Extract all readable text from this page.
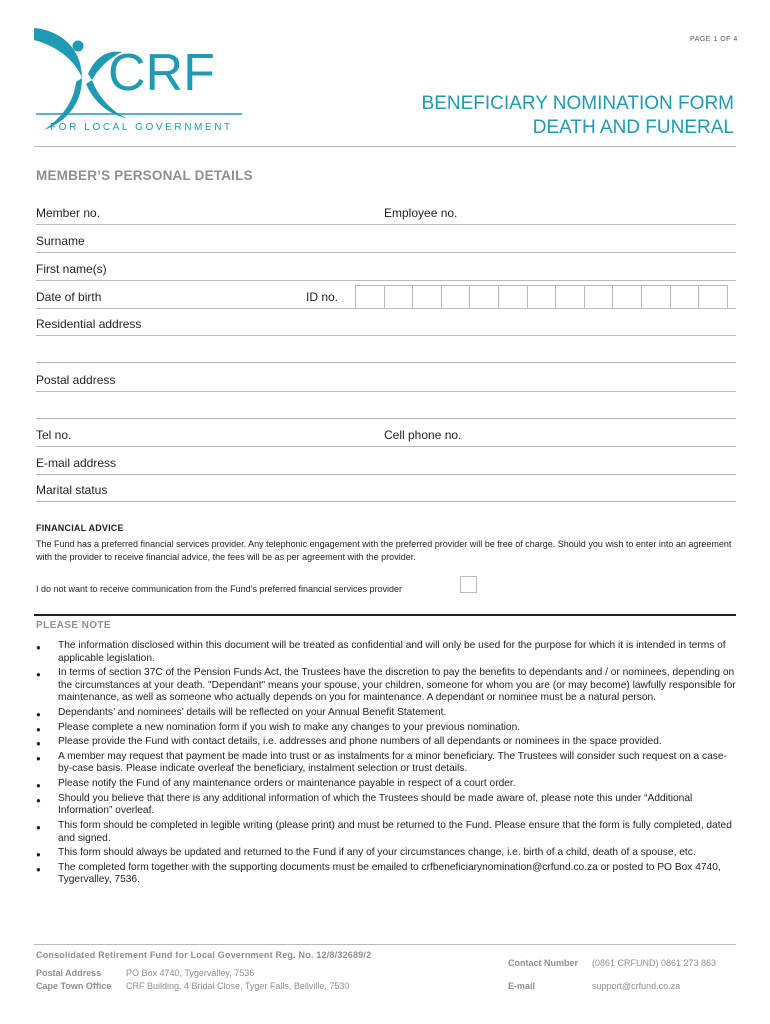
PAGE 1 OF 4
CRF
FOR LOCAL GOVERNMENT
BENEFICIARY NOMINATION FORM
DEATH AND FUNERAL
MEMBER’S PERSONAL DETAILS
Member no.	Employee no.
Surname
First name(s)
Date of birth	ID no.
Residential address
Postal address
Tel no.	Cell phone no.
E-mail address
Marital status
FINANCIAL ADVICE
The Fund has a preferred financial services provider. Any telephonic engagement with the preferred provider will be free of charge. Should you wish to enter into an agreement with the provider to receive financial advice, the fees will be as per agreement with the provider.
I do not want to receive communication from the Fund’s preferred financial services provider
PLEASE NOTE
● The information disclosed within this document will be treated as confidential and will only be used for the purpose for which it is intended in terms of applicable legislation.
● In terms of section 37C of the Pension Funds Act, the Trustees have the discretion to pay the benefits to dependants and / or nominees, depending on the circumstances at your death. "Dependant" means your spouse, your children, someone for whom you are (or may become) lawfully responsible for maintenance, as well as someone who actually depends on you for maintenance. A dependant or nominee must be a natural person.
● Dependants’ and nominees’ details will be reflected on your Annual Benefit Statement.
● Please complete a new nomination form if you wish to make any changes to your previous nomination.
● Please provide the Fund with contact details, i.e. addresses and phone numbers of all dependants or nominees in the space provided.
● A member may request that payment be made into trust or as instalments for a minor beneficiary. The Trustees will consider such request on a case-by-case basis. Please indicate overleaf the beneficiary, instalment selection or trust details.
● Please notify the Fund of any maintenance orders or maintenance payable in respect of a court order.
● Should you believe that there is any additional information of which the Trustees should be made aware of, please note this under “Additional Information” overleaf.
● This form should be completed in legible writing (please print) and must be returned to the Fund. Please ensure that the form is fully completed, dated and signed.
● This form should always be updated and returned to the Fund if any of your circumstances change, i.e. birth of a child, death of a spouse, etc.
● The completed form together with the supporting documents must be emailed to crfbeneficiarynomination@crfund.co.za or posted to PO Box 4740, Tygervalley, 7536.
Consolidated Retirement Fund for Local Government Reg. No. 12/8/32689/2
Postal Address	PO Box 4740, Tygervalley, 7536
Cape Town Office CRF Building, 4 Bridal Close, Tyger Falls, Bellville, 7530
Contact Number (0861 CRFUND) 0861 273 863
E-mail	support@crfund.co.za
